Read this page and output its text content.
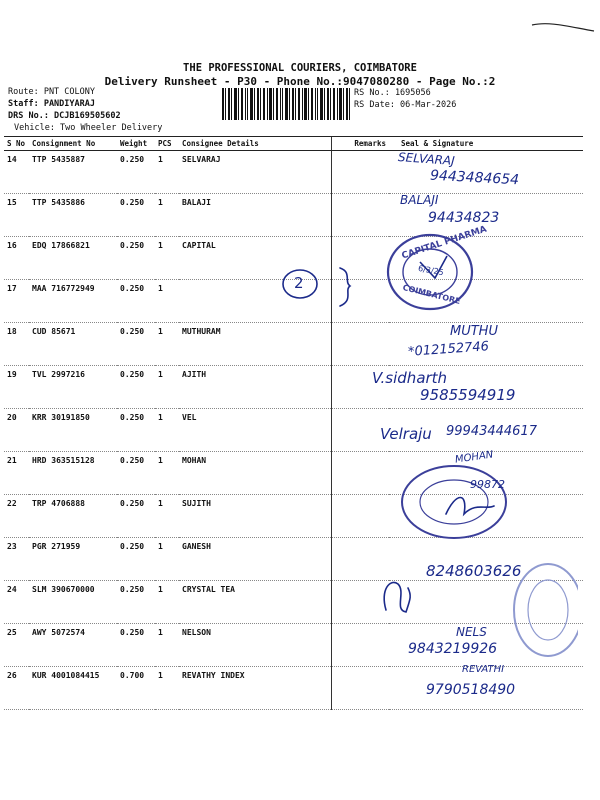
THE PROFESSIONAL COURIERS, COIMBATORE
Delivery Runsheet - P30 - Phone No.:9047080280 - Page No.:2
Route: PNT COLONY
Staff: PANDIYARAJ
DRS No.: DCJB169505602
Vehicle: Two Wheeler Delivery
RS No.: 1695056
RS Date: 06-Mar-2026
S No	Consignment No	Weight	PCS	Consignee Details	Remarks	Seal & Signature
14	TTP 5435887	0.250	1	SELVARAJ		
15	TTP 5435886	0.250	1	BALAJI		
16	EDQ 17866821	0.250	1	CAPITAL		
17	MAA 716772949	0.250	1			
18	CUD 85671	0.250	1	MUTHURAM		
19	TVL 2997216	0.250	1	AJITH		
20	KRR 30191850	0.250	1	VEL		
21	HRD 363515128	0.250	1	MOHAN		
22	TRP 4706888	0.250	1	SUJITH		
23	PGR 271959	0.250	1	GANESH		
24	SLM 390670000	0.250	1	CRYSTAL TEA		
25	AWY 5072574	0.250	1	NELSON		
26	KUR 4001084415	0.700	1	REVATHY INDEX		
SELVARAJ
9443484654
BALAJI
94434823
CAPITAL PHARMA
COIMBATORE
6/3/25
2
MUTHU
*012152746
V.sidharth
9585594919
Velraju 99943444617
MOHAN
99872
8248603626
NELS
9843219926
REVATHI
9790518490
